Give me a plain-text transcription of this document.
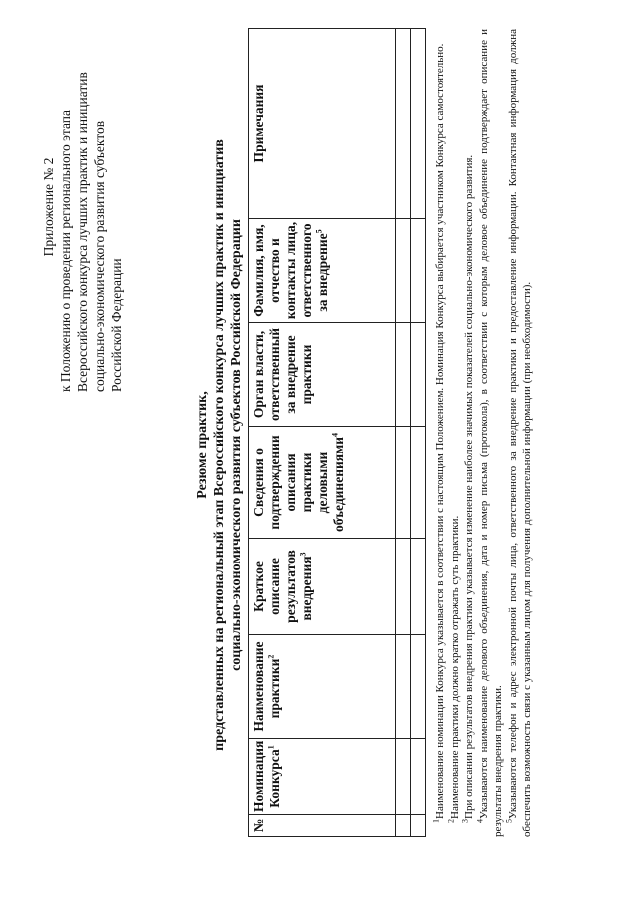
Приложение № 2 к Положению о проведении регионального этапа Всероссийского конкурса лучших практик и инициатив социально-экономического развития субъектов Российской Федерации
Резюме практик, представленных на региональный этап Всероссийского конкурса лучших практик и инициатив социально-экономического развития субъектов Российской Федерации
№	Номинация Конкурса$^1$	Наименование практики$^2$	Краткое описание результатов внедрения$^3$	Сведения о подтверждении описания практики деловыми объединениями$^4$	Орган власти, ответственный за внедрение практики	Фамилия, имя, отчество и контакты лица, ответственного за внедрение$^5$	Примечания

$^1$Наименование номинации Конкурса указывается в соответствии с настоящим Положением. Номинация Конкурса выбирается участником Конкурса самостоятельно.

$^2$Наименование практики должно кратко отражать суть практики.

$^3$При описании результатов внедрения практики указывается изменение наиболее значимых показателей социально-экономического развития.

$^4$Указываются наименование делового объединения, дата и номер письма (протокола), в соответствии с которым деловое объединение подтверждает описание и результаты внедрения практики. $^5$Указываются телефон и адрес электронной почты лица, ответственного за внедрение практики и предоставление информации. Контактная информация должна обеспечить возможность связи с указанным лицом для получения дополнительной информации (при необходимости).
